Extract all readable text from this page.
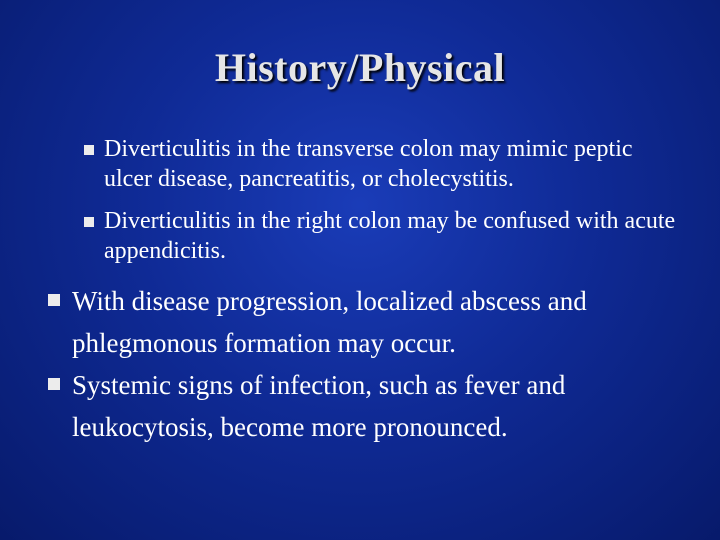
History/Physical
Diverticulitis in the transverse colon may mimic peptic ulcer disease, pancreatitis, or cholecystitis.
Diverticulitis in the right colon may be confused with acute appendicitis.
With disease progression, localized abscess and phlegmonous formation may occur.
Systemic signs of infection, such as fever and leukocytosis, become more pronounced.
